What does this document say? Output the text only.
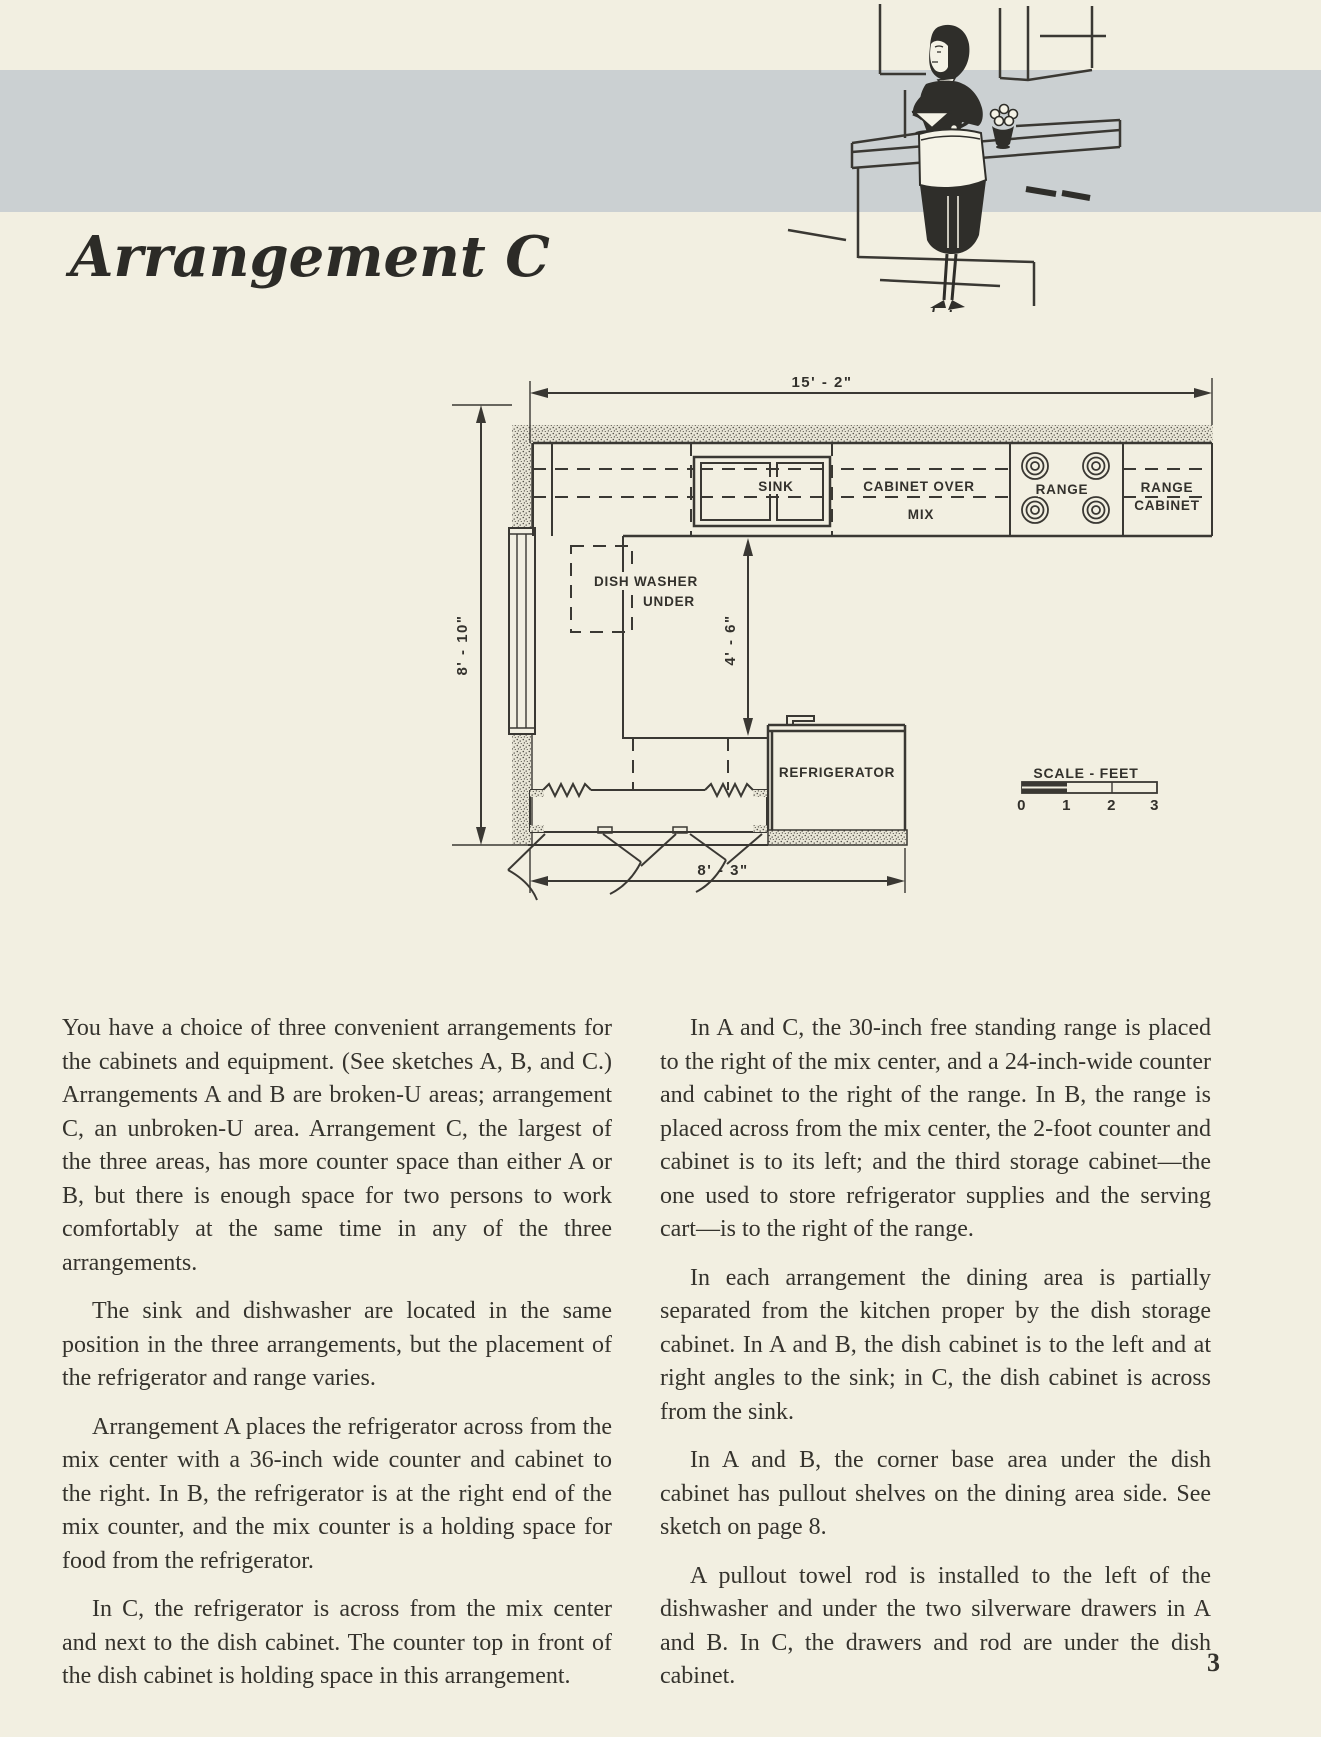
Arrangement C
SINK	CABINET OVER
MIX
RANGE	RANGE
CABINET
DISH WASHER
UNDER
REFRIGERATOR
15' - 2"
8' - 10"	4' - 6"
8' - 3"
SCALE - FEET
0 1 2 3

You have a choice of three convenient arrangements for the cabinets and equipment. (See sketches A, B, and C.) Arrangements A and B are broken-U areas; arrangement C, an unbroken-U area. Arrangement C, the largest of the three areas, has more counter space than either A or B, but there is enough space for two persons to work comfortably at the same time in any of the three arrangements.

The sink and dishwasher are located in the same position in the three arrangements, but the placement of the refrigerator and range varies.

Arrangement A places the refrigerator across from the mix center with a 36-inch wide counter and cabinet to the right. In B, the refrigerator is at the right end of the mix counter, and the mix counter is a holding space for food from the refrigerator.

In C, the refrigerator is across from the mix center and next to the dish cabinet. The counter top in front of the dish cabinet is holding space in this arrangement.

In A and C, the 30-inch free standing range is placed to the right of the mix center, and a 24-inch-wide counter and cabinet to the right of the range. In B, the range is placed across from the mix center, the 2-foot counter and cabinet is to its left; and the third storage cabinet—the one used to store refrigerator supplies and the serving cart—is to the right of the range.

In each arrangement the dining area is partially separated from the kitchen proper by the dish storage cabinet. In A and B, the dish cabinet is to the left and at right angles to the sink; in C, the dish cabinet is across from the sink.

In A and B, the corner base area under the dish cabinet has pullout shelves on the dining area side. See sketch on page 8.

A pullout towel rod is installed to the left of the dishwasher and under the two silverware drawers in A and B. In C, the drawers and rod are under the dish cabinet.	3
